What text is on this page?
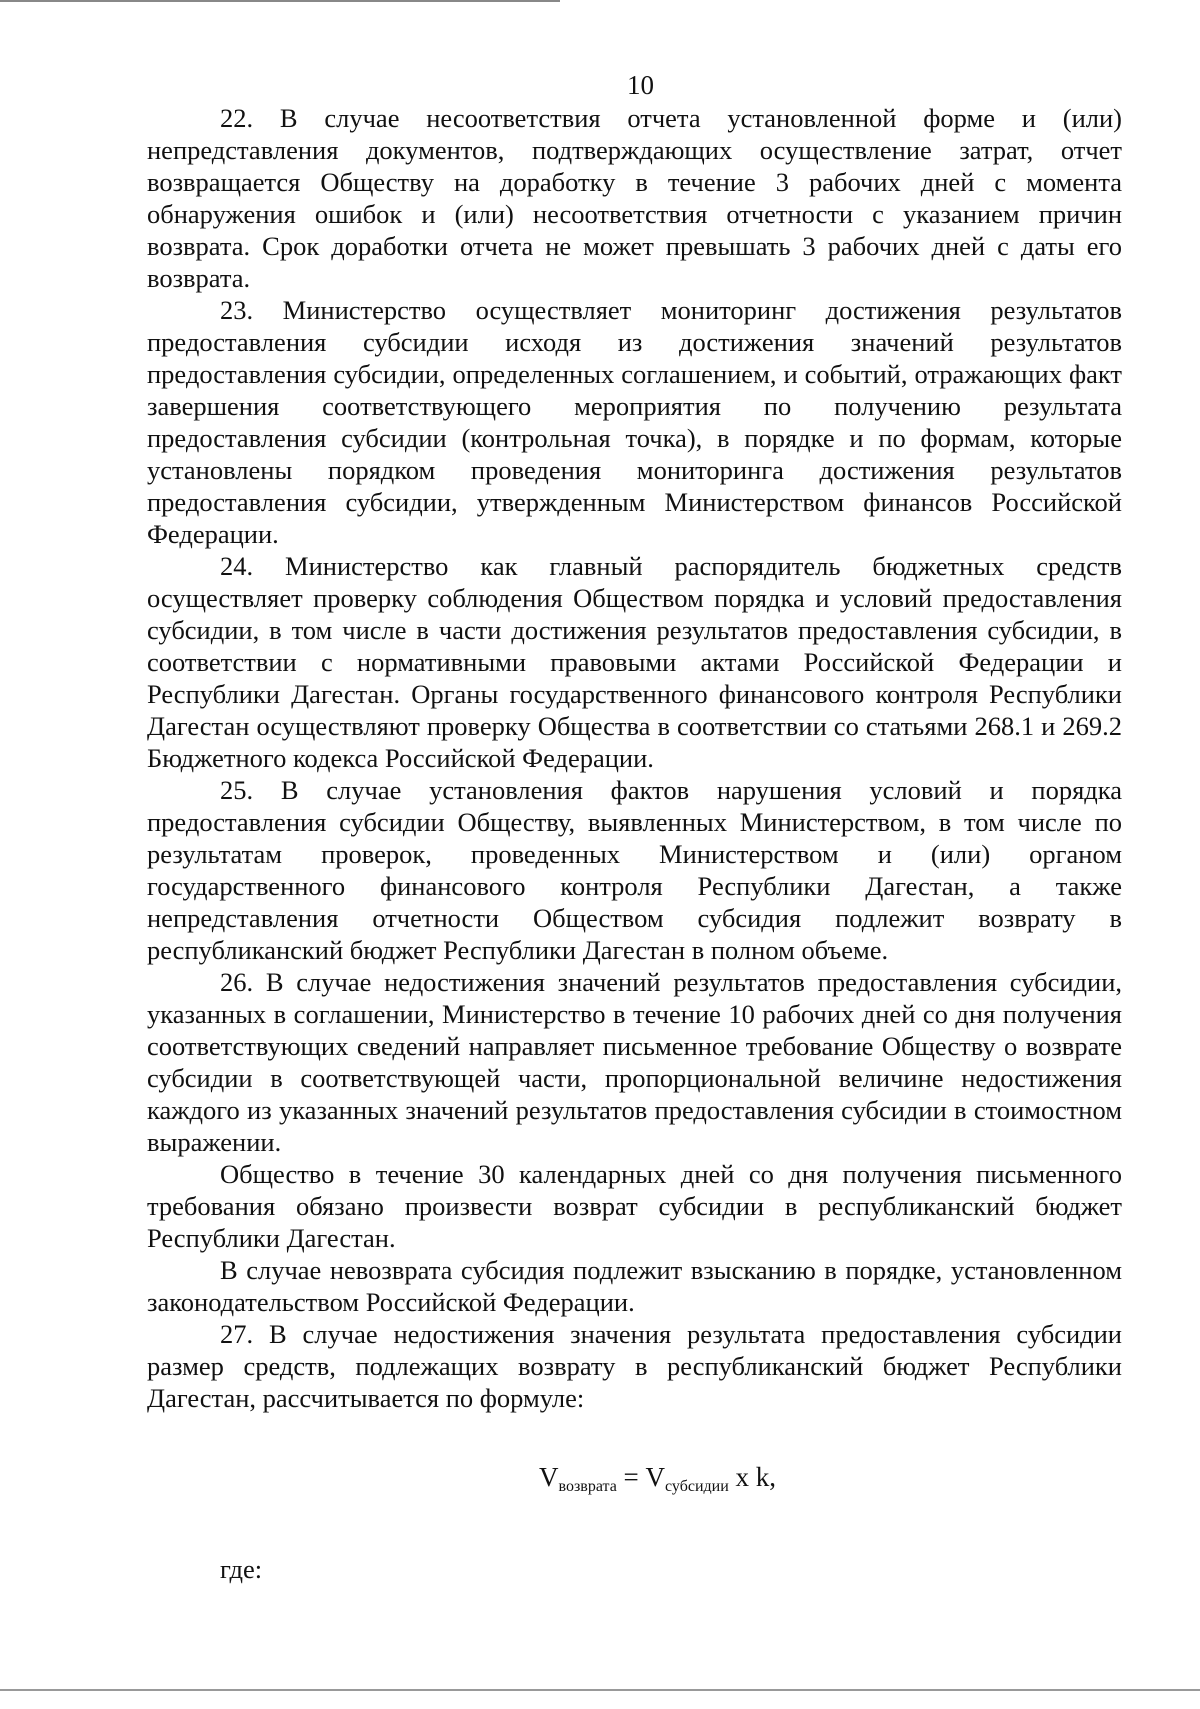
10

22. В случае несоответствия отчета установленной форме и (или) непредставления документов, подтверждающих осуществление затрат, отчет возвращается Обществу на доработку в течение 3 рабочих дней с момента обнаружения ошибок и (или) несоответствия отчетности с указанием причин возврата. Срок доработки отчета не может превышать 3 рабочих дней с даты его возврата.

23. Министерство осуществляет мониторинг достижения результатов предоставления субсидии исходя из достижения значений результатов предоставления субсидии, определенных соглашением, и событий, отражающих факт завершения соответствующего мероприятия по получению результата предоставления субсидии (контрольная точка), в порядке и по формам, которые установлены порядком проведения мониторинга достижения результатов предоставления субсидии, утвержденным Министерством финансов Российской Федерации.

24. Министерство как главный распорядитель бюджетных средств осуществляет проверку соблюдения Обществом порядка и условий предоставления субсидии, в том числе в части достижения результатов предоставления субсидии, в соответствии с нормативными правовыми актами Российской Федерации и Республики Дагестан. Органы государственного финансового контроля Республики Дагестан осуществляют проверку Общества в соответствии со статьями 268.1 и 269.2 Бюджетного кодекса Российской Федерации.

25. В случае установления фактов нарушения условий и порядка предоставления субсидии Обществу, выявленных Министерством, в том числе по результатам проверок, проведенных Министерством и (или) органом государственного финансового контроля Республики Дагестан, а также непредставления отчетности Обществом субсидия подлежит возврату в республиканский бюджет Республики Дагестан в полном объеме.

26. В случае недостижения значений результатов предоставления субсидии, указанных в соглашении, Министерство в течение 10 рабочих дней со дня получения соответствующих сведений направляет письменное требование Обществу о возврате субсидии в соответствующей части, пропорциональной величине недостижения каждого из указанных значений результатов предоставления субсидии в стоимостном выражении.

Общество в течение 30 календарных дней со дня получения письменного требования обязано произвести возврат субсидии в республиканский бюджет Республики Дагестан.

В случае невозврата субсидия подлежит взысканию в порядке, установленном законодательством Российской Федерации.

27. В случае недостижения значения результата предоставления субсидии размер средств, подлежащих возврату в республиканский бюджет Республики Дагестан, рассчитывается по формуле:

$V_{возврата} = V_{субсидии}$ x k,
где:
